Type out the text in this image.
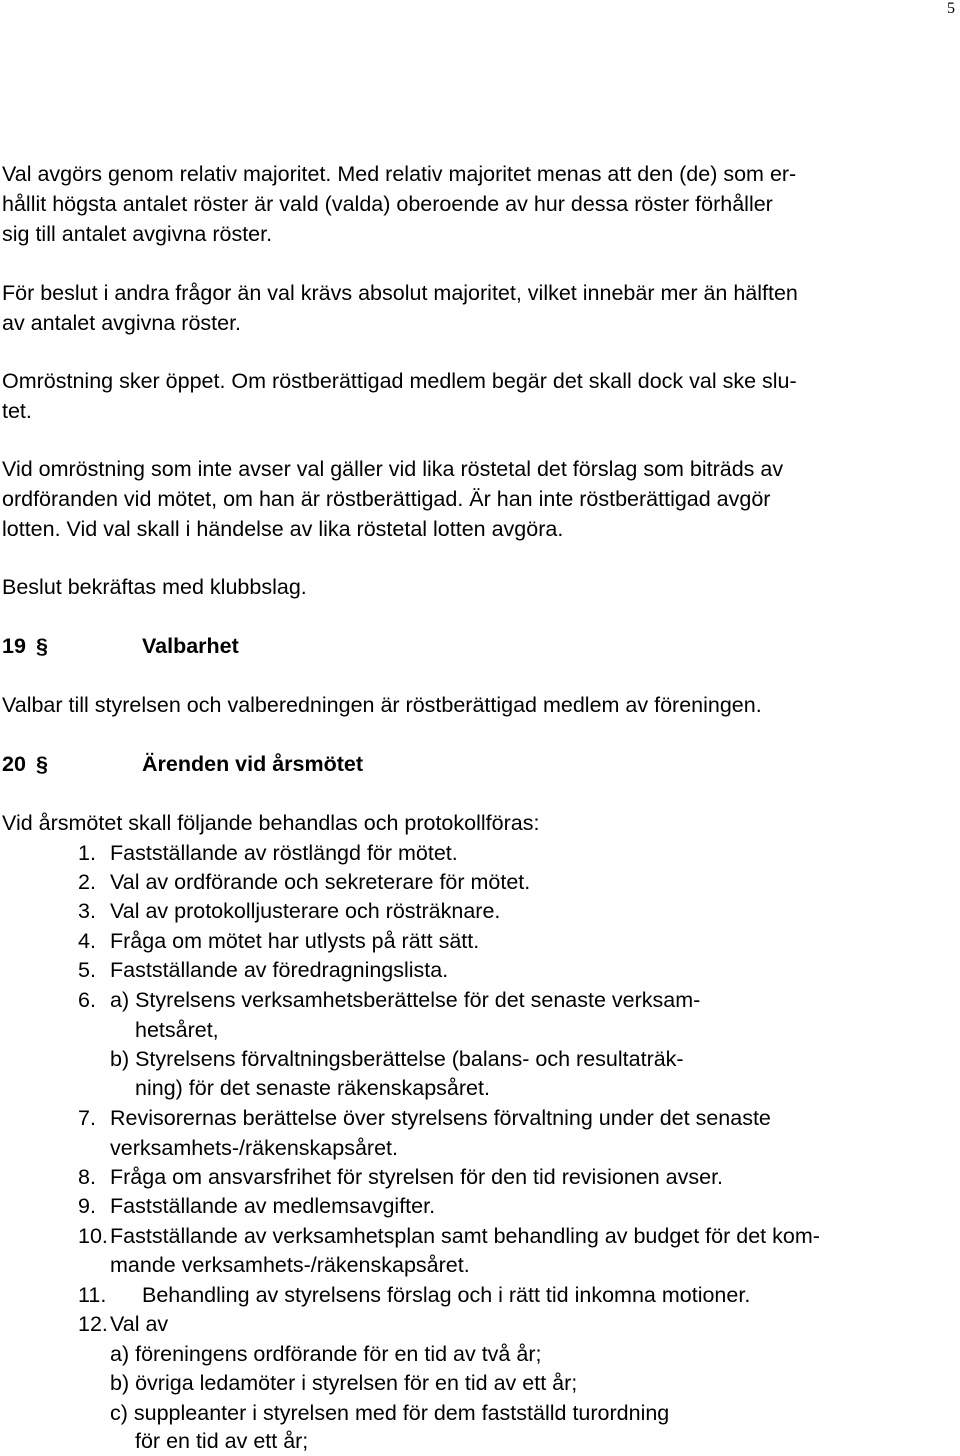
5
Val avgörs genom relativ majoritet. Med relativ majoritet menas att den (de) som er-
hållit högsta antalet röster är vald (valda) oberoende av hur dessa röster förhåller
sig till antalet avgivna röster.
För beslut i andra frågor än val krävs absolut majoritet, vilket innebär mer än hälften
av antalet avgivna röster.
Omröstning sker öppet. Om röstberättigad medlem begär det skall dock val ske slu-
tet.
Vid omröstning som inte avser val gäller vid lika röstetal det förslag som biträds av
ordföranden vid mötet, om han är röstberättigad. Är han inte röstberättigad avgör
lotten. Vid val skall i händelse av lika röstetal lotten avgöra.
Beslut bekräftas med klubbslag.
19 §	Valbarhet
Valbar till styrelsen och valberedningen är röstberättigad medlem av föreningen.
20 §	Ärenden vid årsmötet
Vid årsmötet skall följande behandlas och protokollföras:
1. Fastställande av röstlängd för mötet.
2. Val av ordförande och sekreterare för mötet.
3. Val av protokolljusterare och rösträknare.
4. Fråga om mötet har utlysts på rätt sätt.
5. Fastställande av föredragningslista.
6. a) Styrelsens verksamhetsberättelse för det senaste verksam-
hetsåret,
b) Styrelsens förvaltningsberättelse (balans- och resultaträk-
ning) för det senaste räkenskapsåret.
7. Revisorernas berättelse över styrelsens förvaltning under det senaste
verksamhets-/räkenskapsåret.
8. Fråga om ansvarsfrihet för styrelsen för den tid revisionen avser.
9. Fastställande av medlemsavgifter.
10. Fastställande av verksamhetsplan samt behandling av budget för det kom-
mande verksamhets-/räkenskapsåret.
11. Behandling av styrelsens förslag och i rätt tid inkomna motioner.
12. Val av
a) föreningens ordförande för en tid av två år;
b) övriga ledamöter i styrelsen för en tid av ett år;
c) suppleanter i styrelsen med för dem fastställd turordning
för en tid av ett år;
